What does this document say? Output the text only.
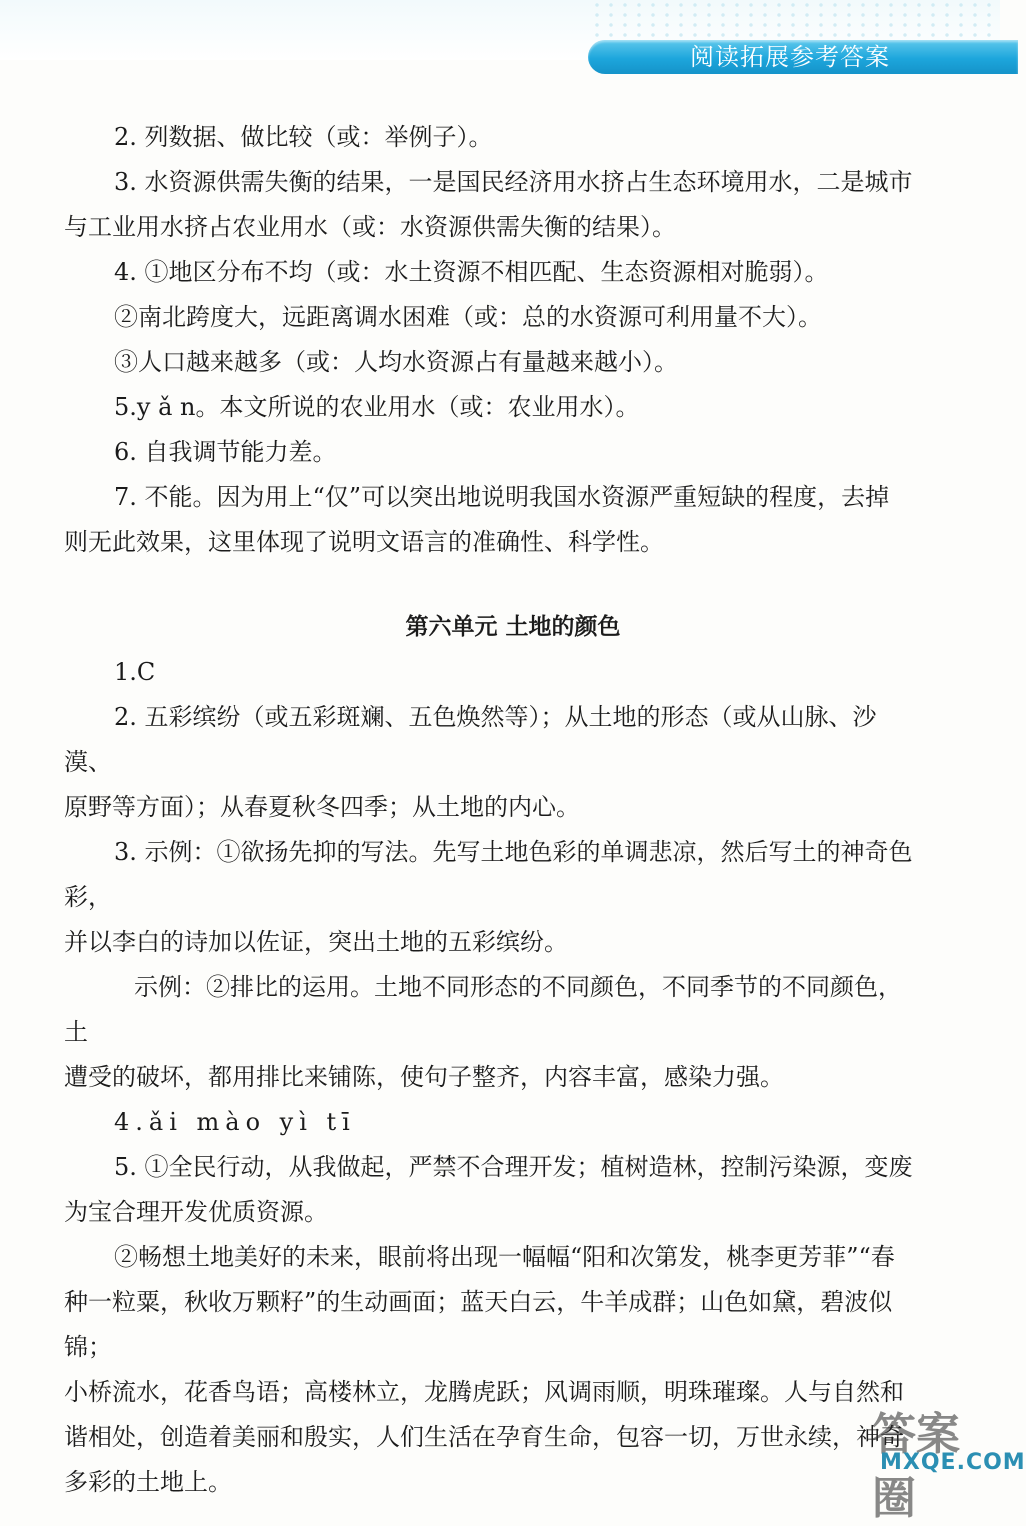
阅读拓展参考答案

2. 列数据、做比较（或：举例子）。

3. 水资源供需失衡的结果，一是国民经济用水挤占生态环境用水，二是城市

与工业用水挤占农业用水（或：水资源供需失衡的结果）。

4. ①地区分布不均（或：水土资源不相匹配、生态资源相对脆弱）。

②南北跨度大，远距离调水困难（或：总的水资源可利用量不大）。

③人口越来越多（或：人均水资源占有量越来越小）。

5.y ǎ n。本文所说的农业用水（或：农业用水）。

6. 自我调节能力差。

7. 不能。因为用上“仅”可以突出地说明我国水资源严重短缺的程度，去掉

则无此效果，这里体现了说明文语言的准确性、科学性。

第六单元 土地的颜色

1.C

2. 五彩缤纷（或五彩斑斓、五色焕然等）；从土地的形态（或从山脉、沙漠、

原野等方面）；从春夏秋冬四季；从土地的内心。

3. 示例：①欲扬先抑的写法。先写土地色彩的单调悲凉，然后写土的神奇色彩，

并以李白的诗加以佐证，突出土地的五彩缤纷。

示例：②排比的运用。土地不同形态的不同颜色，不同季节的不同颜色，土

遭受的破坏，都用排比来铺陈，使句子整齐，内容丰富，感染力强。

4.ǎi mào yì tī

5. ①全民行动，从我做起，严禁不合理开发；植树造林，控制污染源，变废

为宝合理开发优质资源。

②畅想土地美好的未来，眼前将出现一幅幅“阳和次第发，桃李更芳菲”“春

种一粒粟，秋收万颗籽”的生动画面；蓝天白云，牛羊成群；山色如黛，碧波似锦；

小桥流水，花香鸟语；高楼林立，龙腾虎跃；风调雨顺，明珠璀璨。人与自然和

谐相处，创造着美丽和殷实，人们生活在孕育生命，包容一切，万世永续，神奇

多彩的土地上。

答案圈
MXQE.COM
